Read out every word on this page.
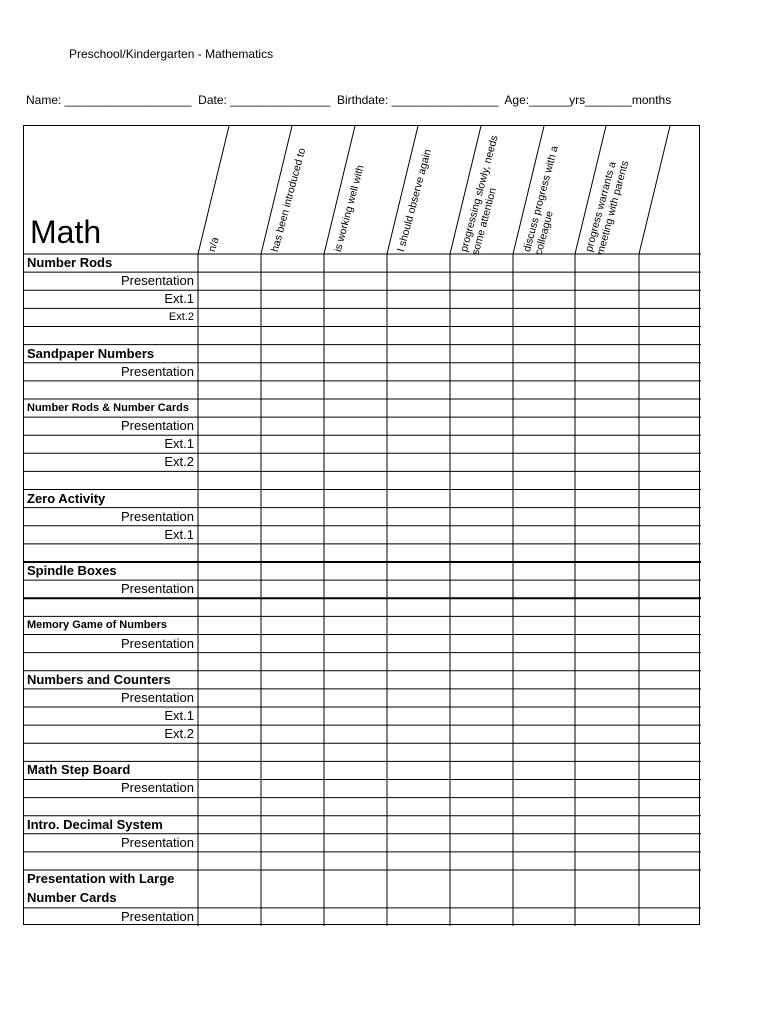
Preschool/Kindergarten - Mathematics
Name: ___________________  Date: _______________  Birthdate: ________________  Age:______yrs_______months
Math	n/a	has been introduced to	is working well with	I should observe again	progressing slowly, needs some attention	discuss progress with a colleague	progress warrants a meeting with parents
Number Rods
Presentation
Ext.1
Ext.2
Sandpaper Numbers
Presentation
Number Rods & Number Cards
Presentation
Ext.1
Ext.2
Zero Activity
Presentation
Ext.1
Spindle Boxes
Presentation
Memory Game of Numbers
Presentation
Numbers and Counters
Presentation
Ext.1
Ext.2
Math Step Board
Presentation
Intro. Decimal System
Presentation
Presentation with Large Number Cards
Presentation
